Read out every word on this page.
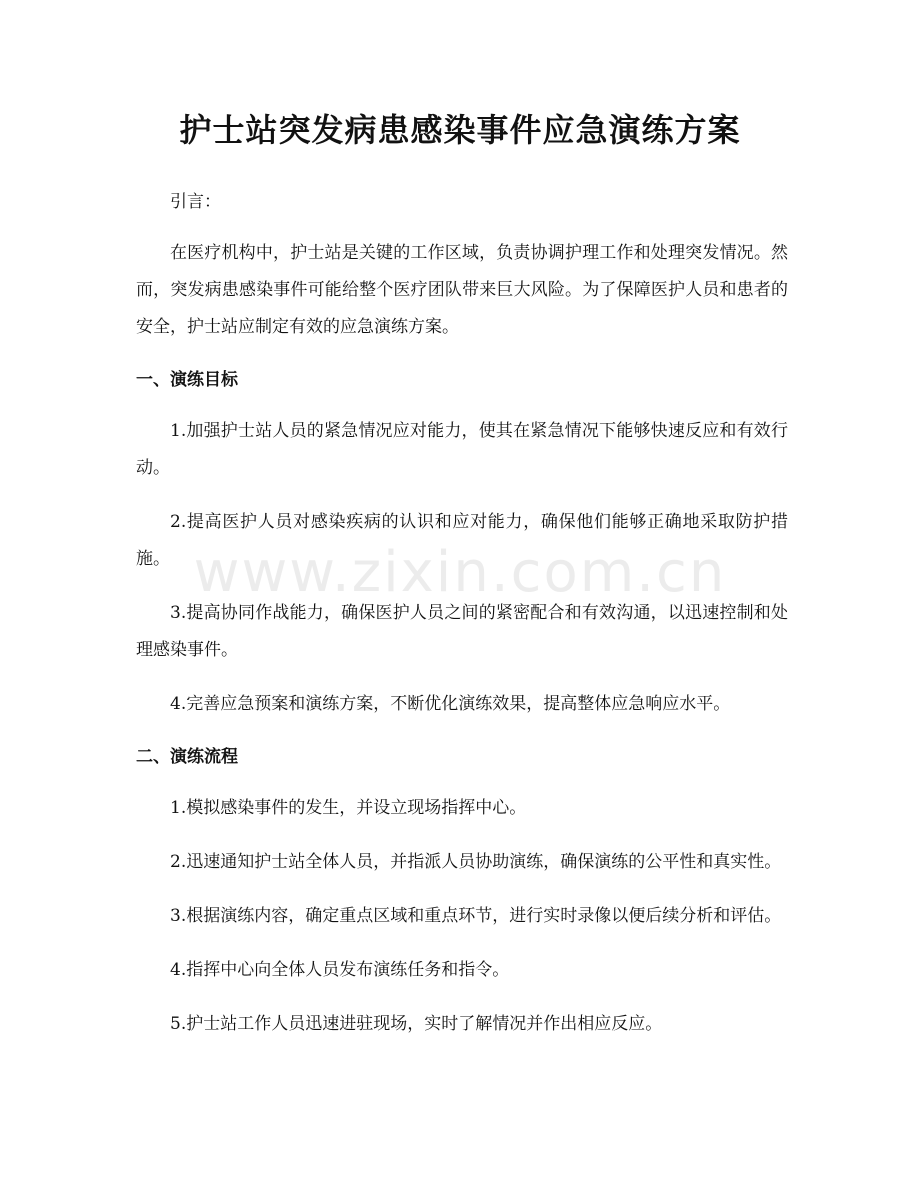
护士站突发病患感染事件应急演练方案
www.zixin.com.cn

引言：

在医疗机构中，护士站是关键的工作区域，负责协调护理工作和处理突发情况。然而，突发病患感染事件可能给整个医疗团队带来巨大风险。为了保障医护人员和患者的安全，护士站应制定有效的应急演练方案。

一、演练目标

1.加强护士站人员的紧急情况应对能力，使其在紧急情况下能够快速反应和有效行动。

2.提高医护人员对感染疾病的认识和应对能力，确保他们能够正确地采取防护措施。

3.提高协同作战能力，确保医护人员之间的紧密配合和有效沟通，以迅速控制和处理感染事件。

4.完善应急预案和演练方案，不断优化演练效果，提高整体应急响应水平。

二、演练流程

1.模拟感染事件的发生，并设立现场指挥中心。

2.迅速通知护士站全体人员，并指派人员协助演练，确保演练的公平性和真实性。

3.根据演练内容，确定重点区域和重点环节，进行实时录像以便后续分析和评估。

4.指挥中心向全体人员发布演练任务和指令。

5.护士站工作人员迅速进驻现场，实时了解情况并作出相应反应。
